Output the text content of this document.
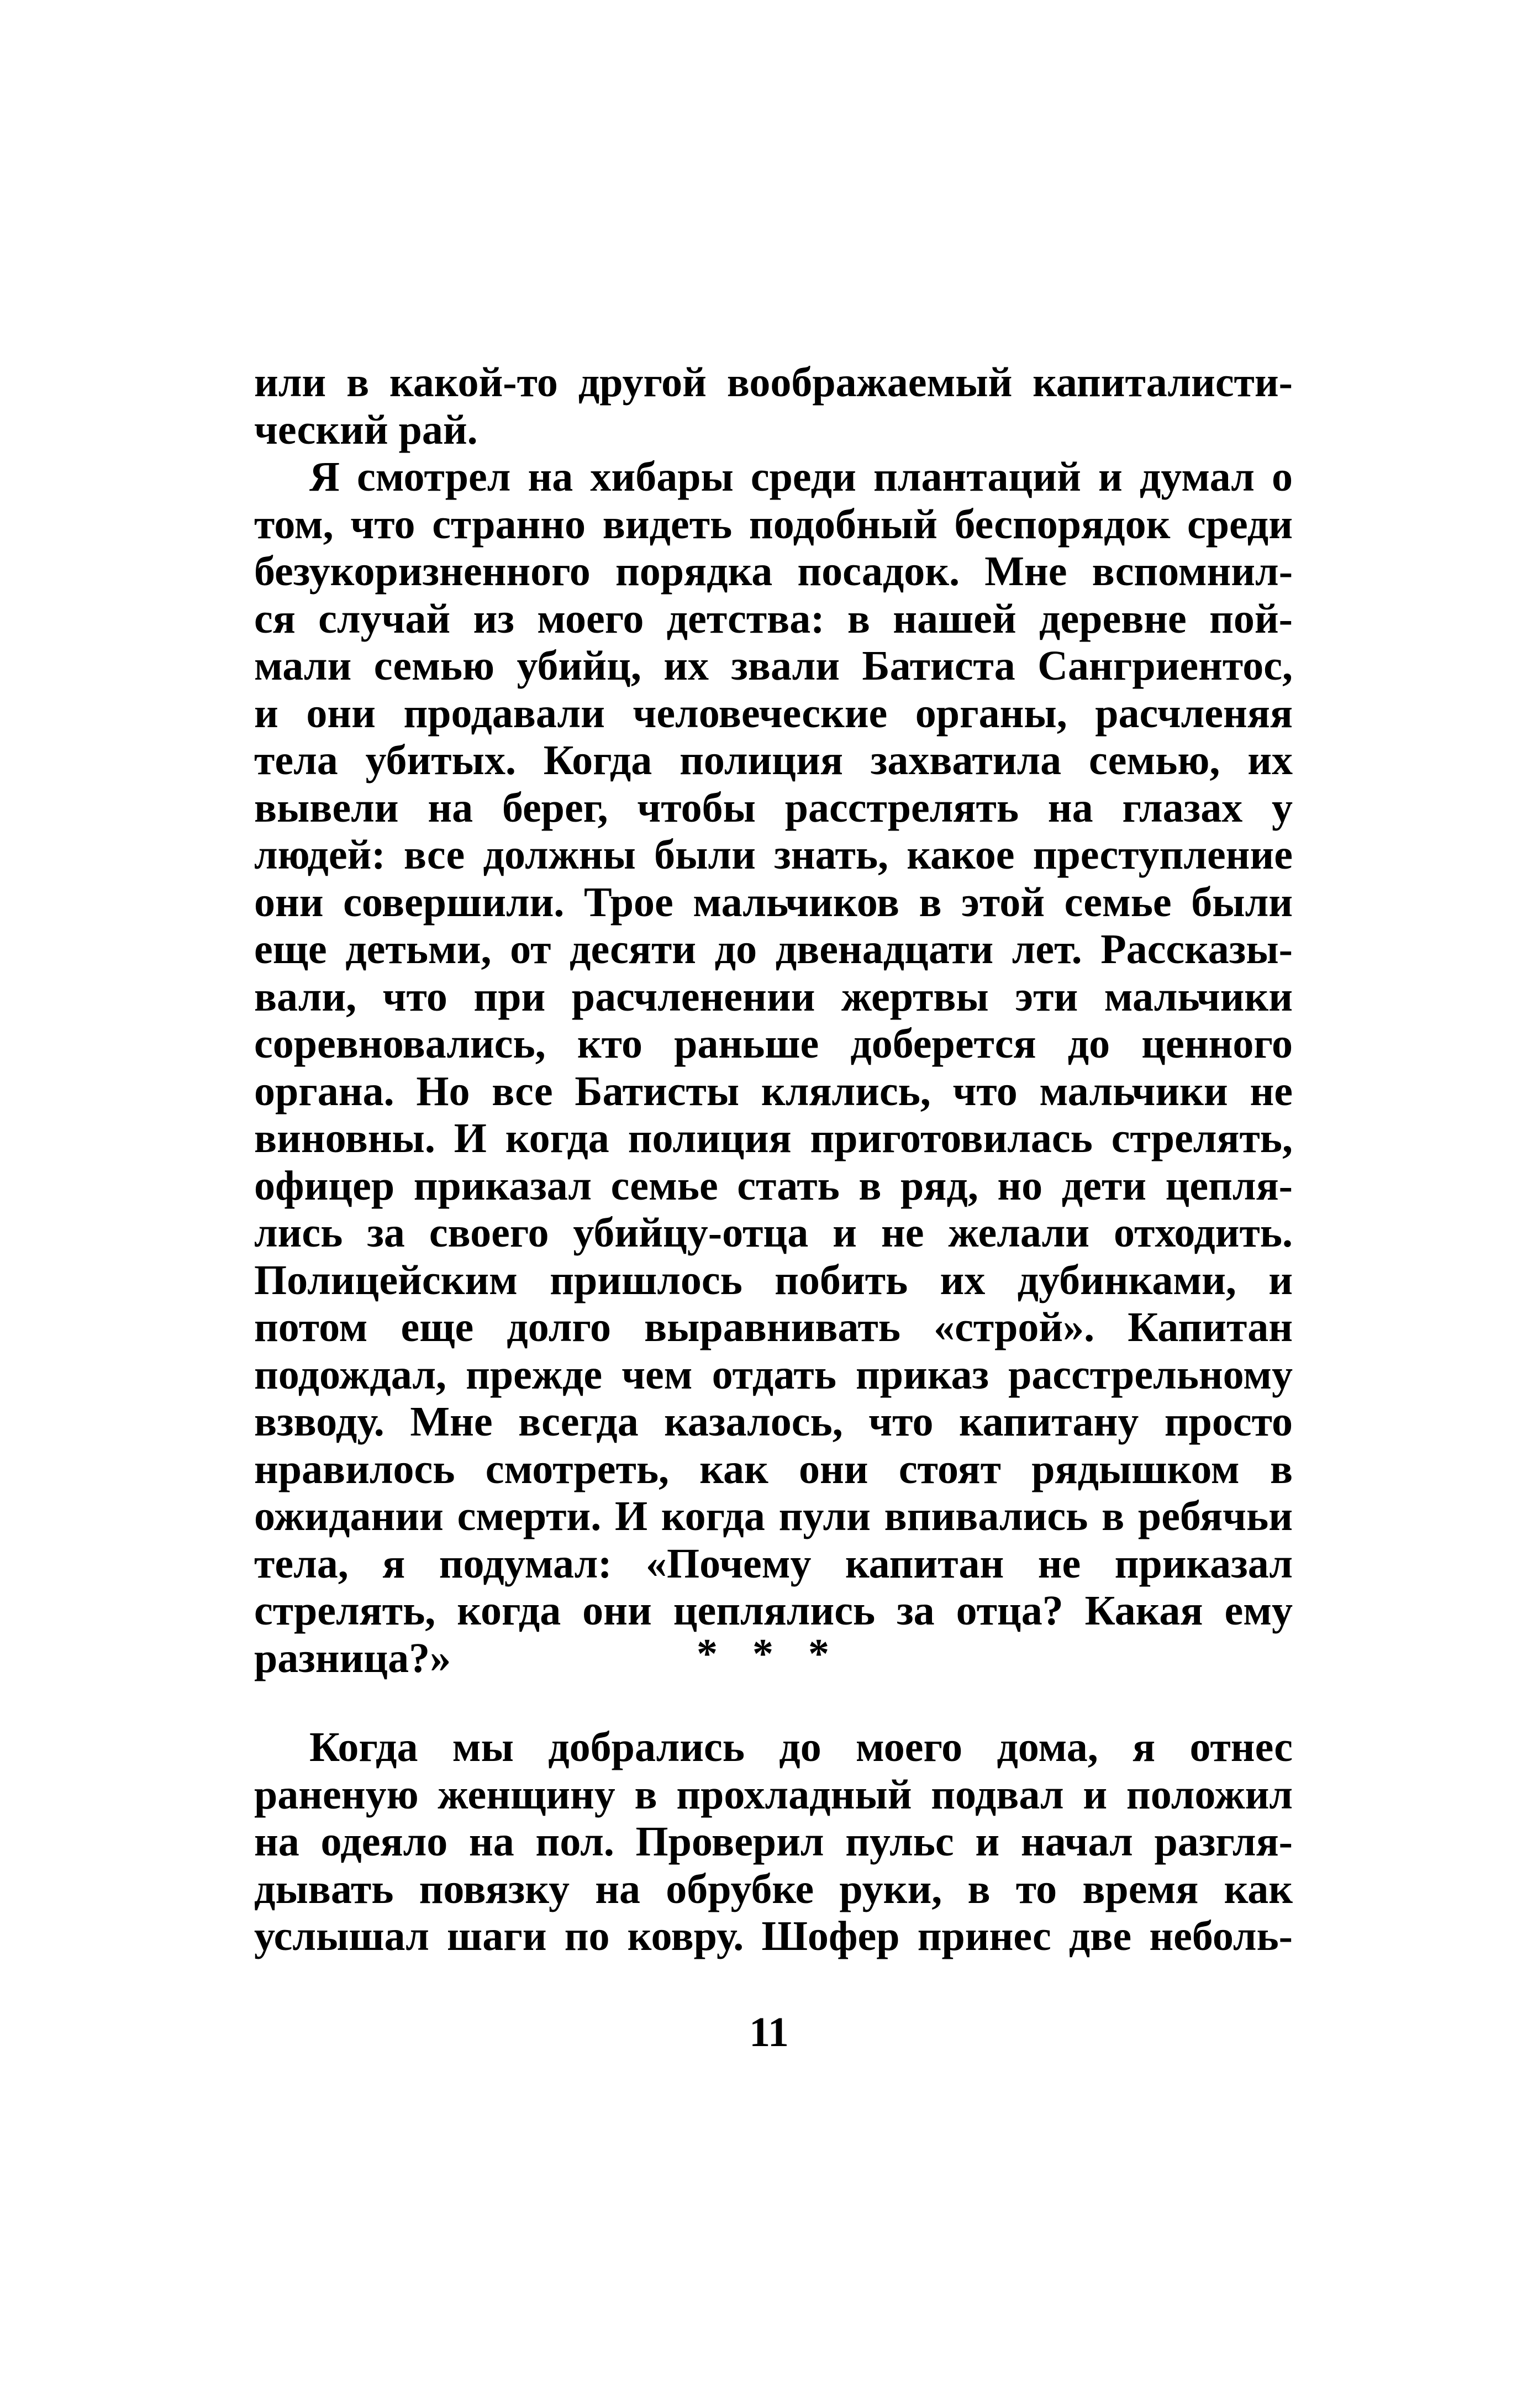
или в какой-то другой воображаемый капиталисти-
ческий рай.
Я смотрел на хибары среди плантаций и думал о
том, что странно видеть подобный беспорядок среди
безукоризненного порядка посадок. Мне вспомнил-
ся случай из моего детства: в нашей деревне пой-
мали семью убийц, их звали Батиста Сангриентос,
и они продавали человеческие органы, расчленяя
тела убитых. Когда полиция захватила семью, их
вывели на берег, чтобы расстрелять на глазах у
людей: все должны были знать, какое преступление
они совершили. Трое мальчиков в этой семье были
еще детьми, от десяти до двенадцати лет. Рассказы-
вали, что при расчленении жертвы эти мальчики
соревновались, кто раньше доберется до ценного
органа. Но все Батисты клялись, что мальчики не
виновны. И когда полиция приготовилась стрелять,
офицер приказал семье стать в ряд, но дети цепля-
лись за своего убийцу-отца и не желали отходить.
Полицейским пришлось побить их дубинками, и
потом еще долго выравнивать «строй». Капитан
подождал, прежде чем отдать приказ расстрельному
взводу. Мне всегда казалось, что капитану просто
нравилось смотреть, как они стоят рядышком в
ожидании смерти. И когда пули впивались в ребячьи
тела, я подумал: «Почему капитан не приказал
стрелять, когда они цеплялись за отца? Какая ему
разница?»	* * *
Когда мы добрались до моего дома, я отнес
раненую женщину в прохладный подвал и положил
на одеяло на пол. Проверил пульс и начал разгля-
дывать повязку на обрубке руки, в то время как
услышал шаги по ковру. Шофер принес две неболь-
11
